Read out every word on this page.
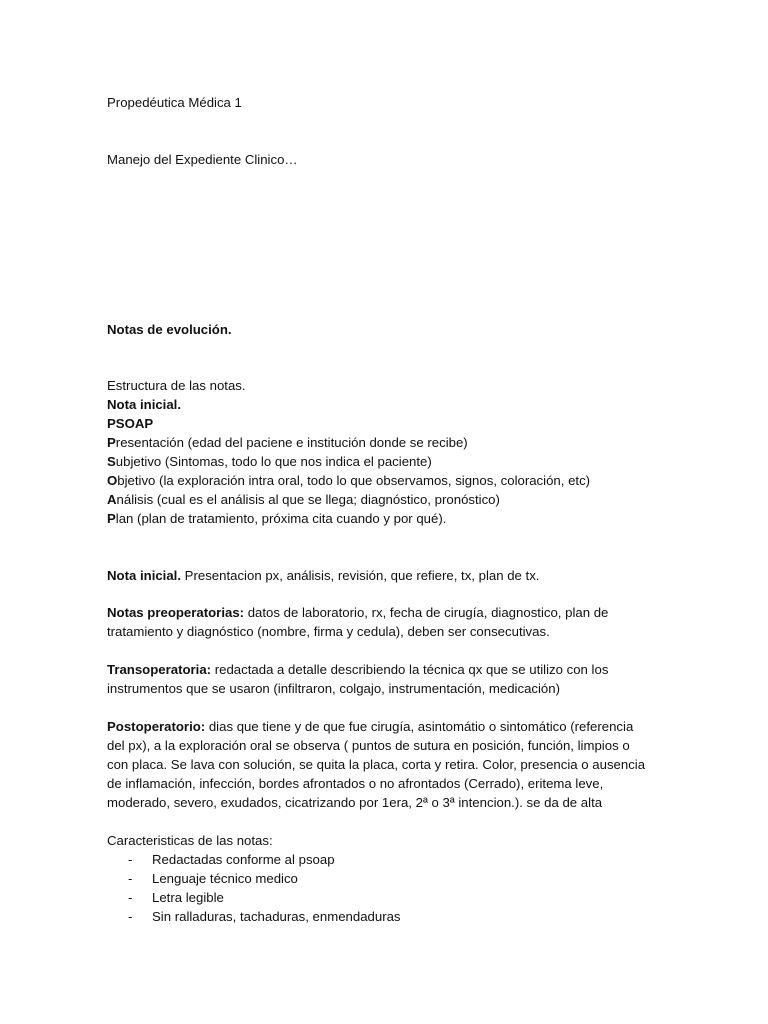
Propedéutica Médica 1
Manejo del Expediente Clinico…
Notas de evolución.
Estructura de las notas.
Nota inicial.
PSOAP
Presentación (edad del paciene e institución donde se recibe)
Subjetivo (Sintomas, todo lo que nos indica el paciente)
Objetivo (la exploración intra oral, todo lo que observamos, signos, coloración, etc)
Análisis (cual es el análisis al que se llega; diagnóstico, pronóstico)
Plan (plan de tratamiento, próxima cita cuando y por qué).
Nota inicial. Presentacion px, análisis, revisión, que refiere, tx, plan de tx.
Notas preoperatorias: datos de laboratorio, rx, fecha de cirugía, diagnostico, plan de
tratamiento y diagnóstico (nombre, firma y cedula), deben ser consecutivas.
Transoperatoria: redactada a detalle describiendo la técnica qx que se utilizo con los
instrumentos que se usaron (infiltraron, colgajo, instrumentación, medicación)
Postoperatorio: dias que tiene y de que fue cirugía, asintomátio o sintomático (referencia
del px), a la exploración oral se observa ( puntos de sutura en posición, función, limpios o
con placa. Se lava con solución, se quita la placa, corta y retira. Color, presencia o ausencia
de inflamación, infección, bordes afrontados o no afrontados (Cerrado), eritema leve,
moderado, severo, exudados, cicatrizando por 1era, 2ª o 3ª intencion.). se da de alta
Caracteristicas de las notas:
- Redactadas conforme al psoap
- Lenguaje técnico medico
- Letra legible
- Sin ralladuras, tachaduras, enmendaduras
